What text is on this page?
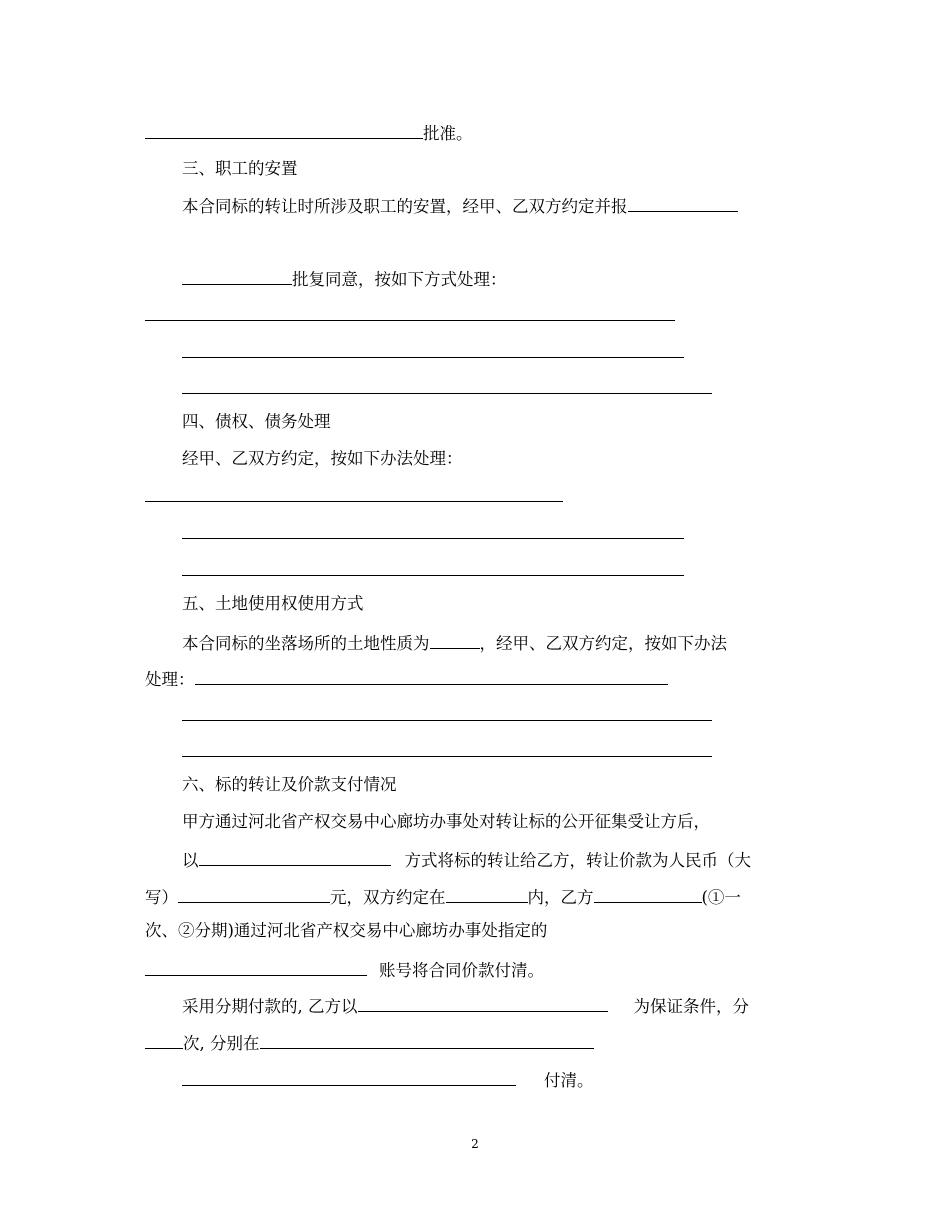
批准。
三、职工的安置
本合同标的转让时所涉及职工的安置，经甲、乙双方约定并报
批复同意，按如下方式处理：
四、债权、债务处理
经甲、乙双方约定，按如下办法处理：
五、土地使用权使用方式
本合同标的坐落场所的土地性质为	，经甲、乙双方约定，按如下办法
处理：
六、标的转让及价款支付情况
甲方通过河北省产权交易中心廊坊办事处对转让标的公开征集受让方后，
以	方式将标的转让给乙方，转让价款为人民币（大
写）	元，双方约定在	内，乙方	(①一
次、②分期)通过河北省产权交易中心廊坊办事处指定的
账号将合同价款付清。
采用分期付款的, 乙方以	为保证条件，分
次, 分别在
付清。
2
